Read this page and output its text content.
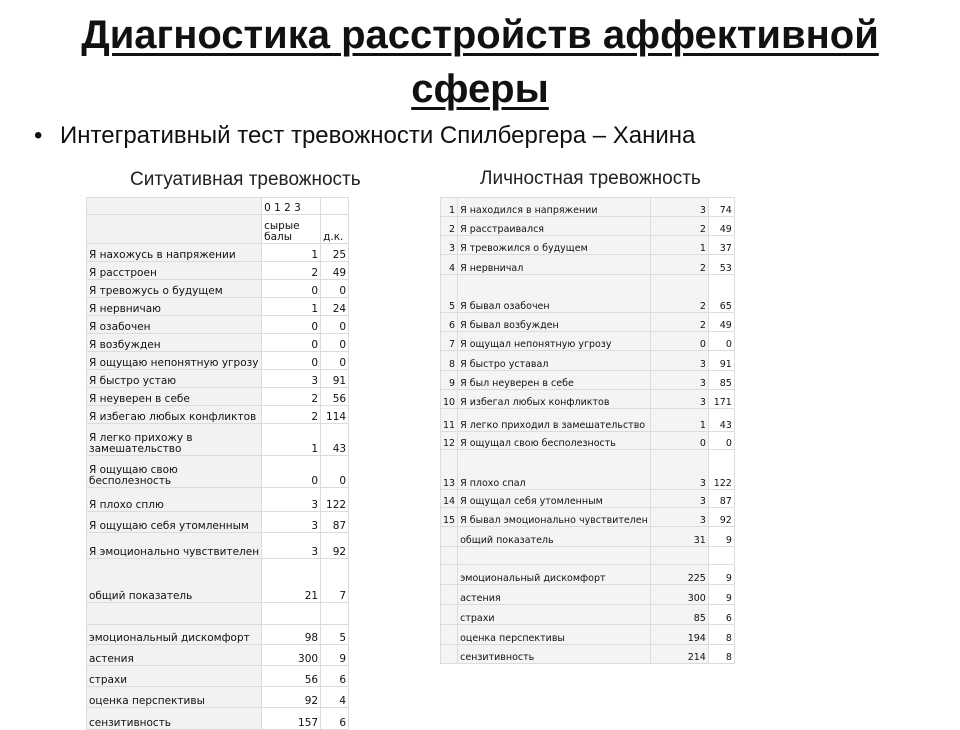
Диагностика расстройств аффективной
сферы
• Интегративный тест тревожности Спилбергера – Ханина
Ситуативная тревожность	Личностная тревожность
	0 1 2 3	
	сырые балы	д.к.
Я нахожусь в напряжении	1	25
Я расстроен	2	49
Я тревожусь о будущем	0	0
Я нервничаю	1	24
Я озабочен	0	0
Я возбужден	0	0
Я ощущаю непонятную угрозу	0	0
Я быстро устаю	3	91
Я неуверен в себе	2	56
Я избегаю любых конфликтов	2	114
Я легко прихожу в замешательство	1	43
Я ощущаю свою бесполезность	0	0
Я плохо сплю	3	122
Я ощущаю себя утомленным	3	87
Я эмоционально чувствителен	3	92
общий показатель	21	7

эмоциональный дискомфорт	98	5
астения	300	9
страхи	56	6
оценка перспективы	92	4
сензитивность	157	6
1	Я находился в напряжении	3	74
2	Я расстраивался	2	49
3	Я тревожился о будущем	1	37
4	Я нервничал	2	53
5	Я бывал озабочен	2	65
6	Я бывал возбужден	2	49
7	Я ощущал непонятную угрозу	0	0
8	Я быстро уставал	3	91
9	Я был неуверен в себе	3	85
10	Я избегал любых конфликтов	3	171
11	Я легко приходил в замешательство	1	43
12	Я ощущал свою бесполезность	0	0
13	Я плохо спал	3	122
14	Я ощущал себя утомленным	3	87
15	Я бывал эмоционально чувствителен	3	92
	общий показатель	31	9

	эмоциональный дискомфорт	225	9
	астения	300	9
	страхи	85	6
	оценка перспективы	194	8
	сензитивность	214	8
